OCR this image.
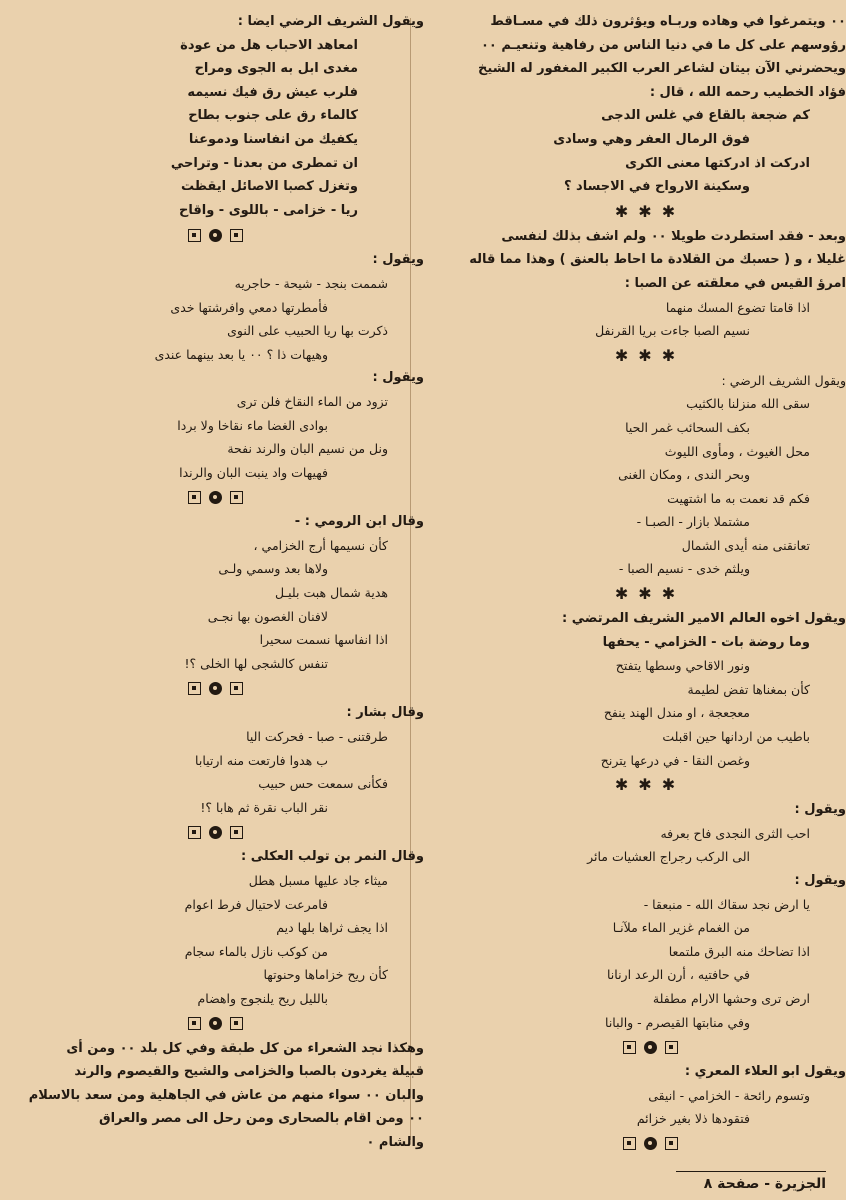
٠٠ ويتمرغوا في وهاده وربـاه ويؤثرون ذلك في مسـاقط

رؤوسهم على كل ما في دنيا الناس من رفاهية وتنعيـم ٠٠

ويحضرني الآن بيتان لشاعر العرب الكبير المغفور له الشيخ

فؤاد الخطيب رحمه الله ، قال :

كم ضجعة بالقاع في غلس الدجى

فوق الرمال العفر وهي وسادى

ادركت اذ ادركتها معنى الكرى

وسكينة الارواح في الاجساد ؟

✱✱✱

وبعد - فقد استطردت طويلا ٠٠ ولم اشف بذلك لنفسى

غليلا ، و ( حسبك من القلادة ما احاط بالعنق ) وهذا مما قاله

امرؤ القيس في معلقته عن الصبا :

اذا قامتا تضوع المسك منهما

نسيم الصبا جاءت بريا القرنفل

✱✱✱

ويقول الشريف الرضي :

سقى الله منزلنا بالكثيب

بكف السحائب غمر الحيا

محل الغيوث ، ومأوى الليوث

وبحر الندى ، ومكان الغنى

فكم قد نعمت به ما اشتهيت

مشتملا بازار - الصبـا -

تعانقنى منه أيدى الشمال

ويلثم خدى - نسيم الصبا -

✱✱✱

ويقول اخوه العالم الامير الشريف المرتضي :

وما روضة بات - الخزامي - يحفها

ونور الاقاحي وسطها يتفتح

كأن بمغناها تفض لطيمة

معجعجة ، او مندل الهند ينفح

باطيب من اردانها حين اقبلت

وغصن النقا - في درعها يترنح

✱✱✱

ويقول :

احب الثرى النجدى فاح بعرفه

الى الركب رجراج العشيات مائر

ويقول :

يا ارض نجد سقاك الله - منبعقا -

من الغمام غزير الماء ملآنـا

اذا تضاحك منه البرق ملتمعا

في حافتيه ، أرن الرعد ارنانا

ارض ترى وحشها الارام مطفلة

وفي منابتها القيصرم - والبانا

ويقول ابو العلاء المعري :

وتسوم رائحة - الخزامي - انيقى

فتقودها ذلا بغير خزائم

ويقول الشريف الرضي ايضا :

امعاهد الاحباب هل من عودة

مغدى ابل به الجوى ومراح

فلرب عيش رق فيك نسيمه

كالماء رق على جنوب بطاح

يكفيك من انفاسنا ودموعنا

ان تمطرى من بعدنا - وتراحي

وتغزل كصبا الاصائل ايقظت

ريا - خزامى - باللوى - واقاح

ويقول :

شممت بنجد - شيحة - حاجريه

فأمطرتها دمعي وافرشتها خدى

ذكرت بها ريا الحبيب على النوى

وهيهات ذا ؟ ٠٠ يا بعد بينهما عندى

ويقول :

تزود من الماء النقاخ فلن ترى

بوادى الغضا ماء نقاخا ولا بردا

ونل من نسيم البان والرند نفحة

فهيهات واد ينبت البان والرندا

وقال ابن الرومي : -

كأن نسيمها أرج الخزامي ،

ولاها بعد وسمي ولـى

هدية شمال هبت بليـل

لافنان الغصون بها نجـى

اذا انفاسها نسمت سحيرا

تنفس كالشجى لها الخلى ؟!

وقال بشار :

طرقتنى - صبا - فحركت اليا

ب هدوا فارتعت منه ارتيابا

فكأنى سمعت حس حبيب

نقر الباب نقرة ثم هابا ؟!

وقال النمر بن تولب العكلى :

ميثاء جاد عليها مسبل هطل

فامرعت لاحتيال فرط اعوام

اذا يجف ثراها بلها ديم

من كوكب نازل بالماء سجام

كأن ريح خزاماها وحنوتها

بالليل ريح يلنجوج واهضام

وهكذا نجد الشعراء من كل طبقة وفي كل بلد ٠٠ ومن أى

قبيلة يغردون بالصبا والخزامى والشيح والقيصوم والرند

والبان ٠٠ سواء منهم من عاش في الجاهلية ومن سعد بالاسلام

٠٠ ومن اقام بالصحارى ومن رحل الى مصر والعراق

والشام ٠

الجزيرة - صفحة ٨
